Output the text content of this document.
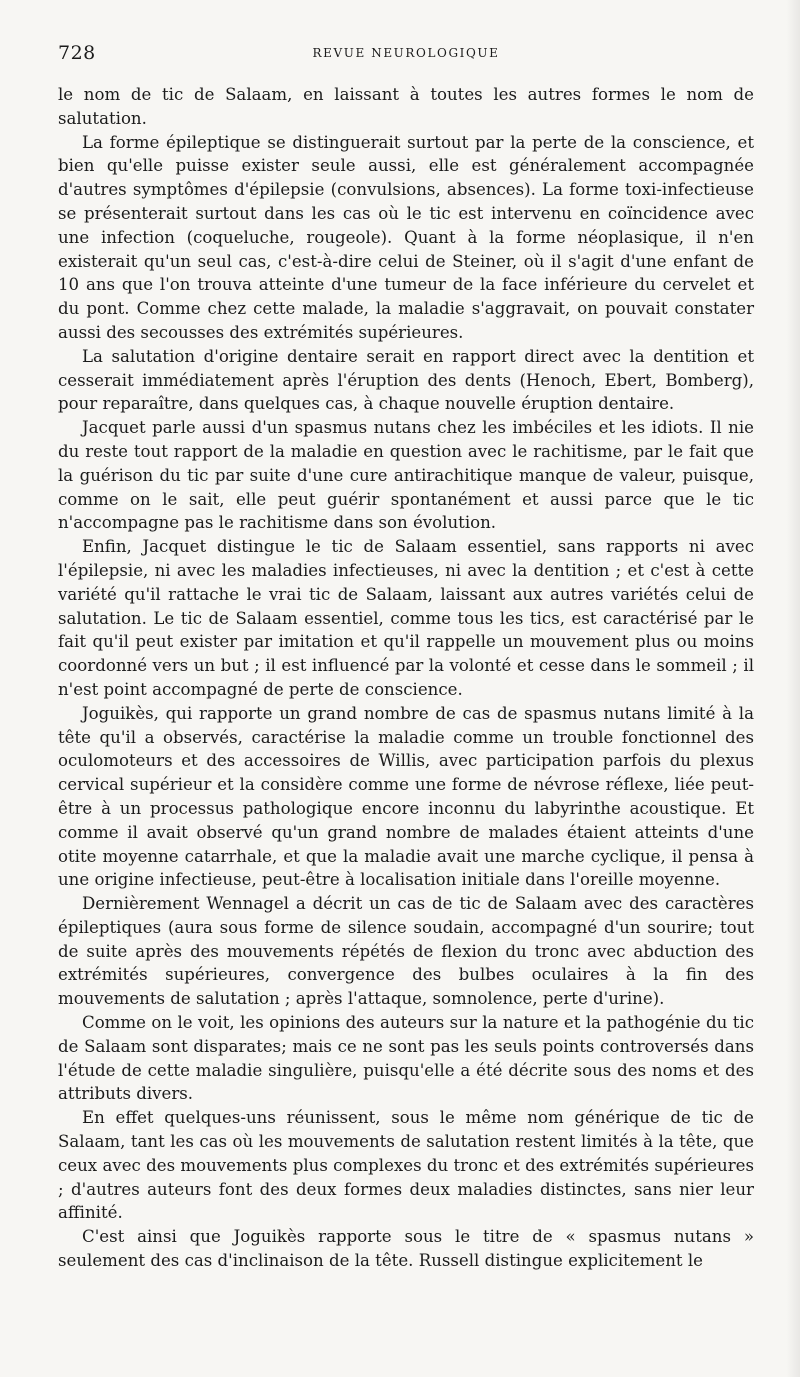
728	REVUE NEUROLOGIQUE

le nom de tic de Salaam, en laissant à toutes les autres formes le nom de salutation.

La forme épileptique se distinguerait surtout par la perte de la conscience, et bien qu'elle puisse exister seule aussi, elle est généralement accompagnée d'autres symptômes d'épilepsie (convulsions, absences). La forme toxi-infectieuse se présenterait surtout dans les cas où le tic est intervenu en coïncidence avec une infection (coqueluche, rougeole). Quant à la forme néoplasique, il n'en existerait qu'un seul cas, c'est-à-dire celui de Steiner, où il s'agit d'une enfant de 10 ans que l'on trouva atteinte d'une tumeur de la face inférieure du cervelet et du pont. Comme chez cette malade, la maladie s'aggravait, on pouvait constater aussi des secousses des extrémités supérieures.

La salutation d'origine dentaire serait en rapport direct avec la dentition et cesserait immédiatement après l'éruption des dents (Henoch, Ebert, Bomberg), pour reparaître, dans quelques cas, à chaque nouvelle éruption dentaire.

Jacquet parle aussi d'un spasmus nutans chez les imbéciles et les idiots. Il nie du reste tout rapport de la maladie en question avec le rachitisme, par le fait que la guérison du tic par suite d'une cure antirachitique manque de valeur, puisque, comme on le sait, elle peut guérir spontanément et aussi parce que le tic n'accompagne pas le rachitisme dans son évolution.

Enfin, Jacquet distingue le tic de Salaam essentiel, sans rapports ni avec l'épilepsie, ni avec les maladies infectieuses, ni avec la dentition ; et c'est à cette variété qu'il rattache le vrai tic de Salaam, laissant aux autres variétés celui de salutation. Le tic de Salaam essentiel, comme tous les tics, est caractérisé par le fait qu'il peut exister par imitation et qu'il rappelle un mouvement plus ou moins coordonné vers un but ; il est influencé par la volonté et cesse dans le sommeil ; il n'est point accompagné de perte de conscience.

Joguikès, qui rapporte un grand nombre de cas de spasmus nutans limité à la tête qu'il a observés, caractérise la maladie comme un trouble fonctionnel des oculomoteurs et des accessoires de Willis, avec participation parfois du plexus cervical supérieur et la considère comme une forme de névrose réflexe, liée peut-être à un processus pathologique encore inconnu du labyrinthe acoustique. Et comme il avait observé qu'un grand nombre de malades étaient atteints d'une otite moyenne catarrhale, et que la maladie avait une marche cyclique, il pensa à une origine infectieuse, peut-être à localisation initiale dans l'oreille moyenne.

Dernièrement Wennagel a décrit un cas de tic de Salaam avec des caractères épileptiques (aura sous forme de silence soudain, accompagné d'un sourire; tout de suite après des mouvements répétés de flexion du tronc avec abduction des extrémités supérieures, convergence des bulbes oculaires à la fin des mouvements de salutation ; après l'attaque, somnolence, perte d'urine).

Comme on le voit, les opinions des auteurs sur la nature et la pathogénie du tic de Salaam sont disparates; mais ce ne sont pas les seuls points controversés dans l'étude de cette maladie singulière, puisqu'elle a été décrite sous des noms et des attributs divers.

En effet quelques-uns réunissent, sous le même nom générique de tic de Salaam, tant les cas où les mouvements de salutation restent limités à la tête, que ceux avec des mouvements plus complexes du tronc et des extrémités supérieures ; d'autres auteurs font des deux formes deux maladies distinctes, sans nier leur affinité.

C'est ainsi que Joguikès rapporte sous le titre de « spasmus nutans » seulement des cas d'inclinaison de la tête. Russell distingue explicitement le
